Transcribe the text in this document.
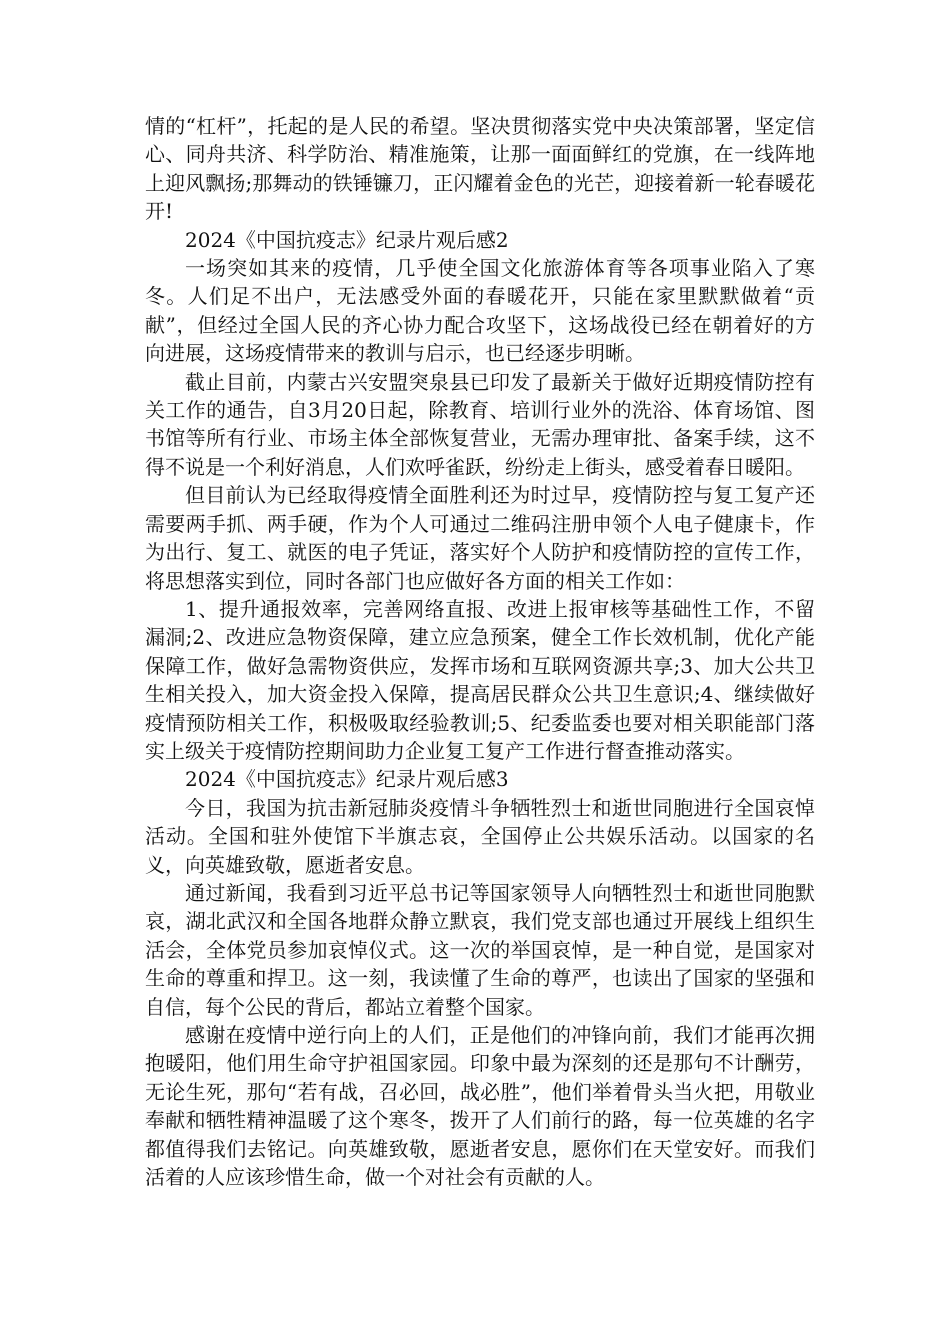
情的“杠杆”，托起的是人民的希望。坚决贯彻落实党中央决策部署，坚定信心、同舟共济、科学防治、精准施策，让那一面面鲜红的党旗，在一线阵地上迎风飘扬;那舞动的铁锤镰刀，正闪耀着金色的光芒，迎接着新一轮春暖花开!

2024《中国抗疫志》纪录片观后感2

一场突如其来的疫情，几乎使全国文化旅游体育等各项事业陷入了寒冬。人们足不出户，无法感受外面的春暖花开，只能在家里默默做着“贡献”，但经过全国人民的齐心协力配合攻坚下，这场战役已经在朝着好的方向进展，这场疫情带来的教训与启示，也已经逐步明晰。

截止目前，内蒙古兴安盟突泉县已印发了最新关于做好近期疫情防控有关工作的通告，自3月20日起，除教育、培训行业外的洗浴、体育场馆、图书馆等所有行业、市场主体全部恢复营业，无需办理审批、备案手续，这不得不说是一个利好消息，人们欢呼雀跃，纷纷走上街头，感受着春日暖阳。

但目前认为已经取得疫情全面胜利还为时过早，疫情防控与复工复产还需要两手抓、两手硬，作为个人可通过二维码注册申领个人电子健康卡，作为出行、复工、就医的电子凭证，落实好个人防护和疫情防控的宣传工作，将思想落实到位，同时各部门也应做好各方面的相关工作如：

1、提升通报效率，完善网络直报、改进上报审核等基础性工作，不留漏洞;2、改进应急物资保障，建立应急预案，健全工作长效机制，优化产能保障工作，做好急需物资供应，发挥市场和互联网资源共享;3、加大公共卫生相关投入，加大资金投入保障，提高居民群众公共卫生意识;4、继续做好疫情预防相关工作，积极吸取经验教训;5、纪委监委也要对相关职能部门落实上级关于疫情防控期间助力企业复工复产工作进行督查推动落实。

2024《中国抗疫志》纪录片观后感3

今日，我国为抗击新冠肺炎疫情斗争牺牲烈士和逝世同胞进行全国哀悼活动。全国和驻外使馆下半旗志哀，全国停止公共娱乐活动。以国家的名义，向英雄致敬，愿逝者安息。

通过新闻，我看到习近平总书记等国家领导人向牺牲烈士和逝世同胞默哀，湖北武汉和全国各地群众静立默哀，我们党支部也通过开展线上组织生活会，全体党员参加哀悼仪式。这一次的举国哀悼，是一种自觉，是国家对生命的尊重和捍卫。这一刻，我读懂了生命的尊严，也读出了国家的坚强和自信，每个公民的背后，都站立着整个国家。

感谢在疫情中逆行向上的人们，正是他们的冲锋向前，我们才能再次拥抱暖阳，他们用生命守护祖国家园。印象中最为深刻的还是那句不计酬劳，无论生死，那句“若有战，召必回，战必胜”，他们举着骨头当火把，用敬业奉献和牺牲精神温暖了这个寒冬，拨开了人们前行的路，每一位英雄的名字都值得我们去铭记。向英雄致敬，愿逝者安息，愿你们在天堂安好。而我们活着的人应该珍惜生命，做一个对社会有贡献的人。
